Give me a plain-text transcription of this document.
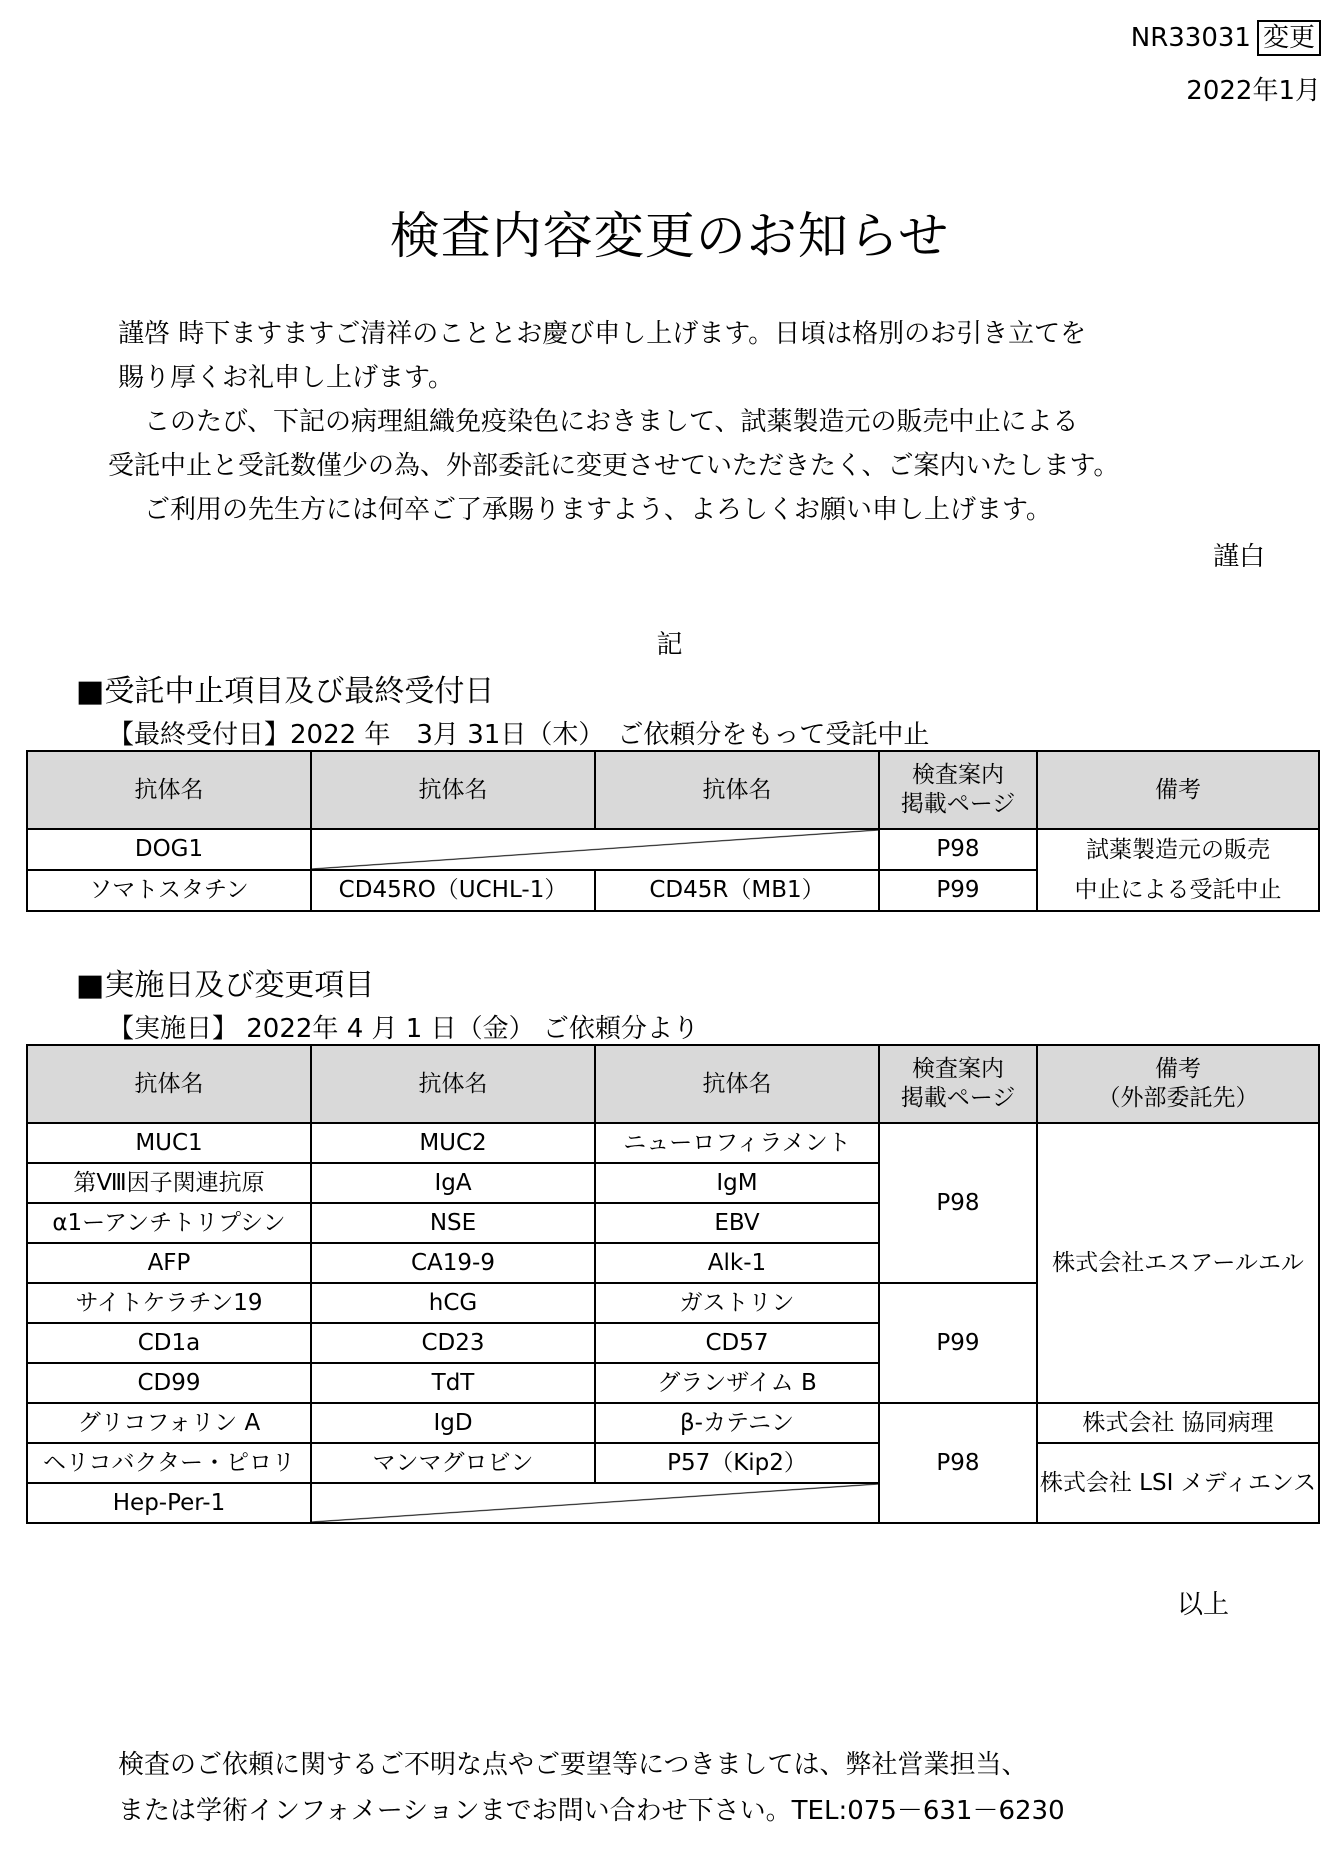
NR33031 変更
2022年1月
検査内容変更のお知らせ
謹啓 時下ますますご清祥のこととお慶び申し上げます。日頃は格別のお引き立てを
賜り厚くお礼申し上げます。
　このたび、下記の病理組織免疫染色におきまして、試薬製造元の販売中止による
受託中止と受託数僅少の為、外部委託に変更させていただきたく、ご案内いたします。
　ご利用の先生方には何卒ご了承賜りますよう、よろしくお願い申し上げます。
謹白
記
■受託中止項目及び最終受付日
【最終受付日】2022 年　3月 31日（木）　ご依頼分をもって受託中止
抗体名	抗体名	抗体名	検査案内
掲載ページ	備考
DOG1			P98	試薬製造元の販売
中止による受託中止
ソマトスタチン	CD45RO（UCHL-1）	CD45R（MB1）	P99	
■実施日及び変更項目
【実施日】 2022年 4 月 1 日（金） ご依頼分より
抗体名	抗体名	抗体名	検査案内
掲載ページ	備考
（外部委託先）
MUC1	MUC2	ニューロフィラメント	P98	株式会社エスアールエル
第Ⅷ因子関連抗原	IgA	IgM		
α1ーアンチトリプシン	NSE	EBV		
AFP	CA19-9	Alk-1		
サイトケラチン19	hCG	ガストリン	P99	
CD1a	CD23	CD57		
CD99	TdT	グランザイム B		
グリコフォリン A	IgD	β-カテニン	P98	株式会社 協同病理
ヘリコバクター・ピロリ	マンマグロビン	P57（Kip2）		株式会社 LSI メディエンス
Hep-Per-1				
以上
検査のご依頼に関するご不明な点やご要望等につきましては、弊社営業担当、
または学術インフォメーションまでお問い合わせ下さい。TEL:075－631－6230
